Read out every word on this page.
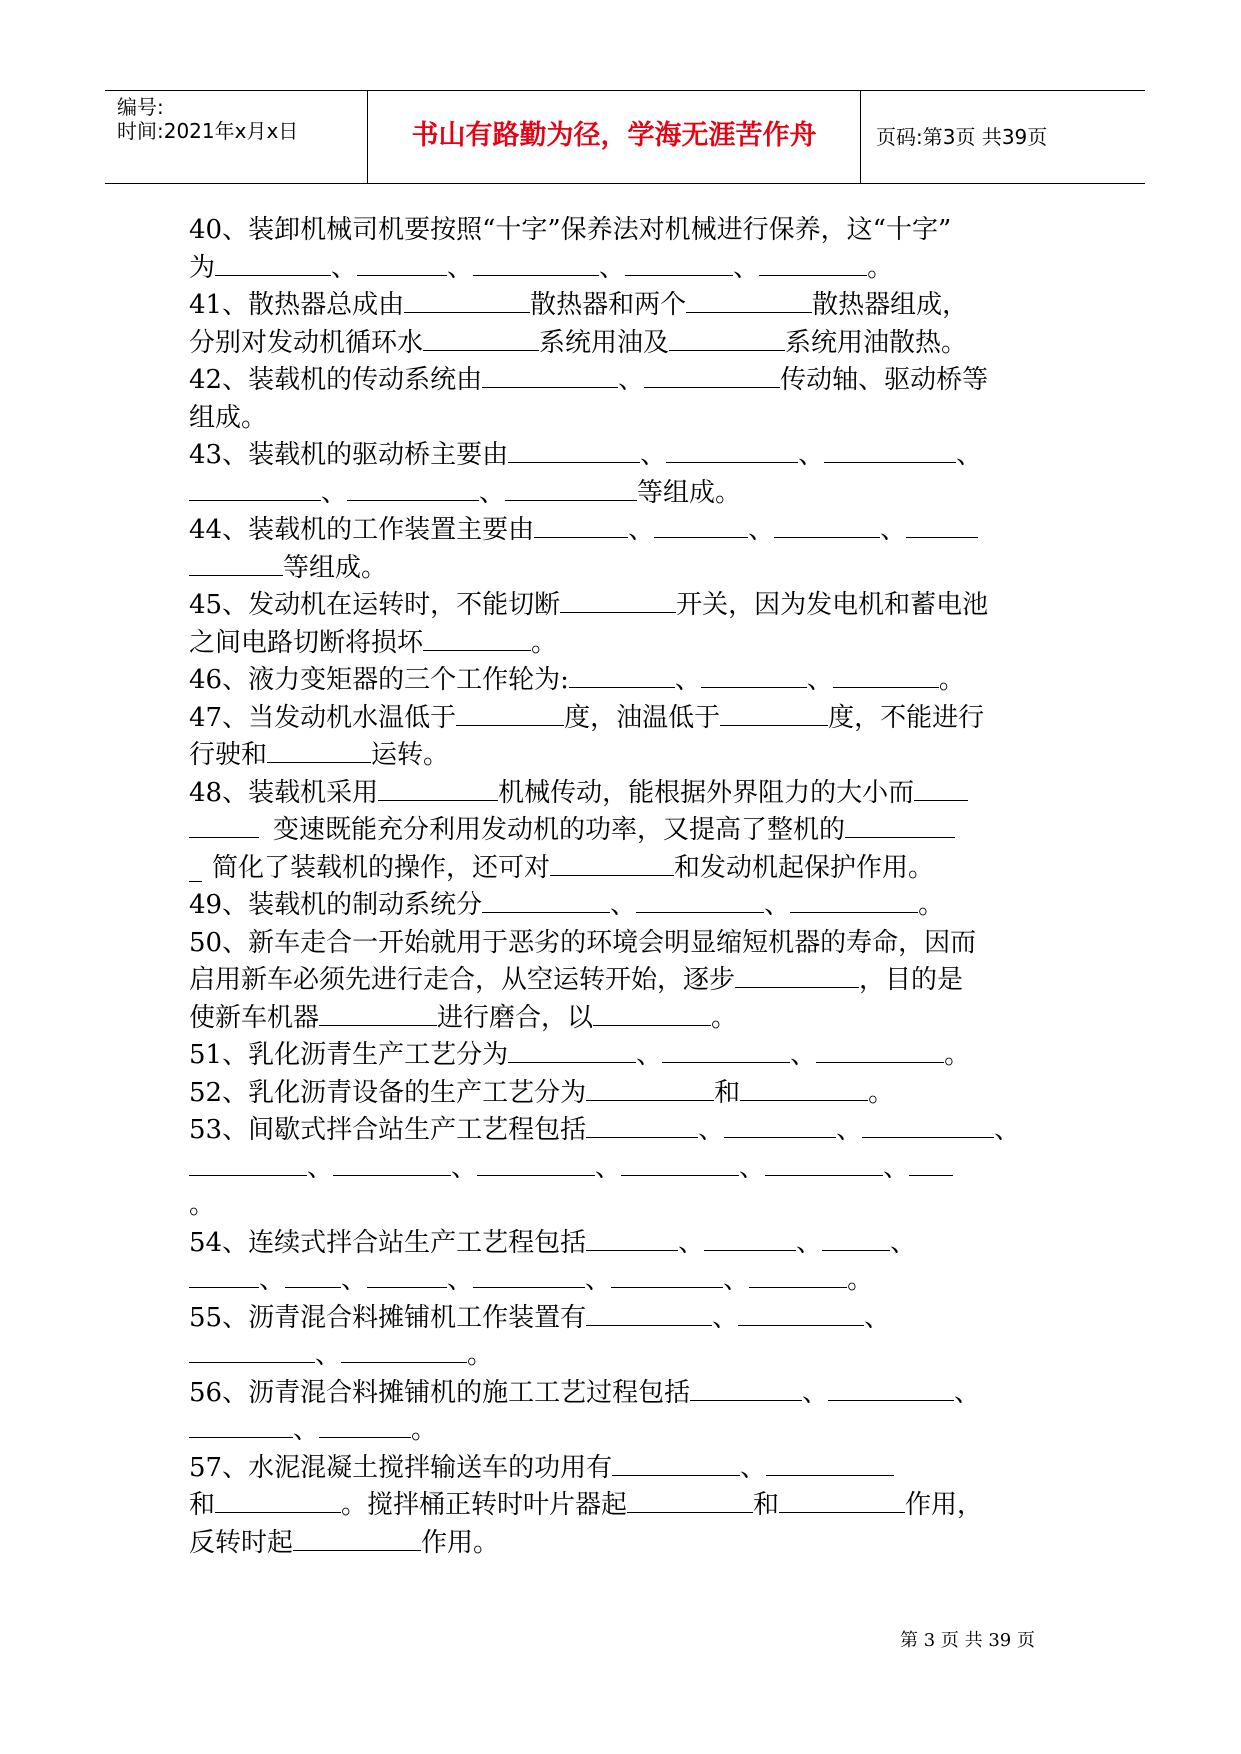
编号:
时间:2021年x月x日	书山有路勤为径，学海无涯苦作舟	页码:第3页 共39页
40、装卸机械司机要按照“十字”保养法对机械进行保养，这“十字”
为	、	、	、	、	。
41、散热器总成由	散热器和两个	散热器组成，
分别对发动机循环水	系统用油及	系统用油散热。
42、装载机的传动系统由	、	传动轴、驱动桥等
组成。
43、装载机的驱动桥主要由	、	、	、
、	、	等组成。
44、装载机的工作装置主要由	、	、	、
等组成。
45、发动机在运转时，不能切断	开关，因为发电机和蓄电池
之间电路切断将损坏	。
46、液力变矩器的三个工作轮为:	、	、	。
47、当发动机水温低于	度，油温低于	度，不能进行
行驶和	运转。
48、装载机采用	机械传动，能根据外界阻力的大小而
变速既能充分利用发动机的功率，又提高了整机的
_ 简化了装载机的操作，还可对	和发动机起保护作用。
49、装载机的制动系统分	、	、	。
50、新车走合一开始就用于恶劣的环境会明显缩短机器的寿命，因而
启用新车必须先进行走合，从空运转开始，逐步	，目的是
使新车机器	进行磨合，以	。
51、乳化沥青生产工艺分为	、	、	。
52、乳化沥青设备的生产工艺分为	和	。
53、间歇式拌合站生产工艺程包括	、	、	、
、	、	、	、	、
。
54、连续式拌合站生产工艺程包括	、	、	、
、 、	、	、	、	。
55、沥青混合料摊铺机工作装置有	、	、
、	。
56、沥青混合料摊铺机的施工工艺过程包括	、	、
、	。
57、水泥混凝土搅拌输送车的功用有	、
和	。搅拌桶正转时叶片器起	和	作用，
反转时起	作用。
第 3 页 共 39 页
